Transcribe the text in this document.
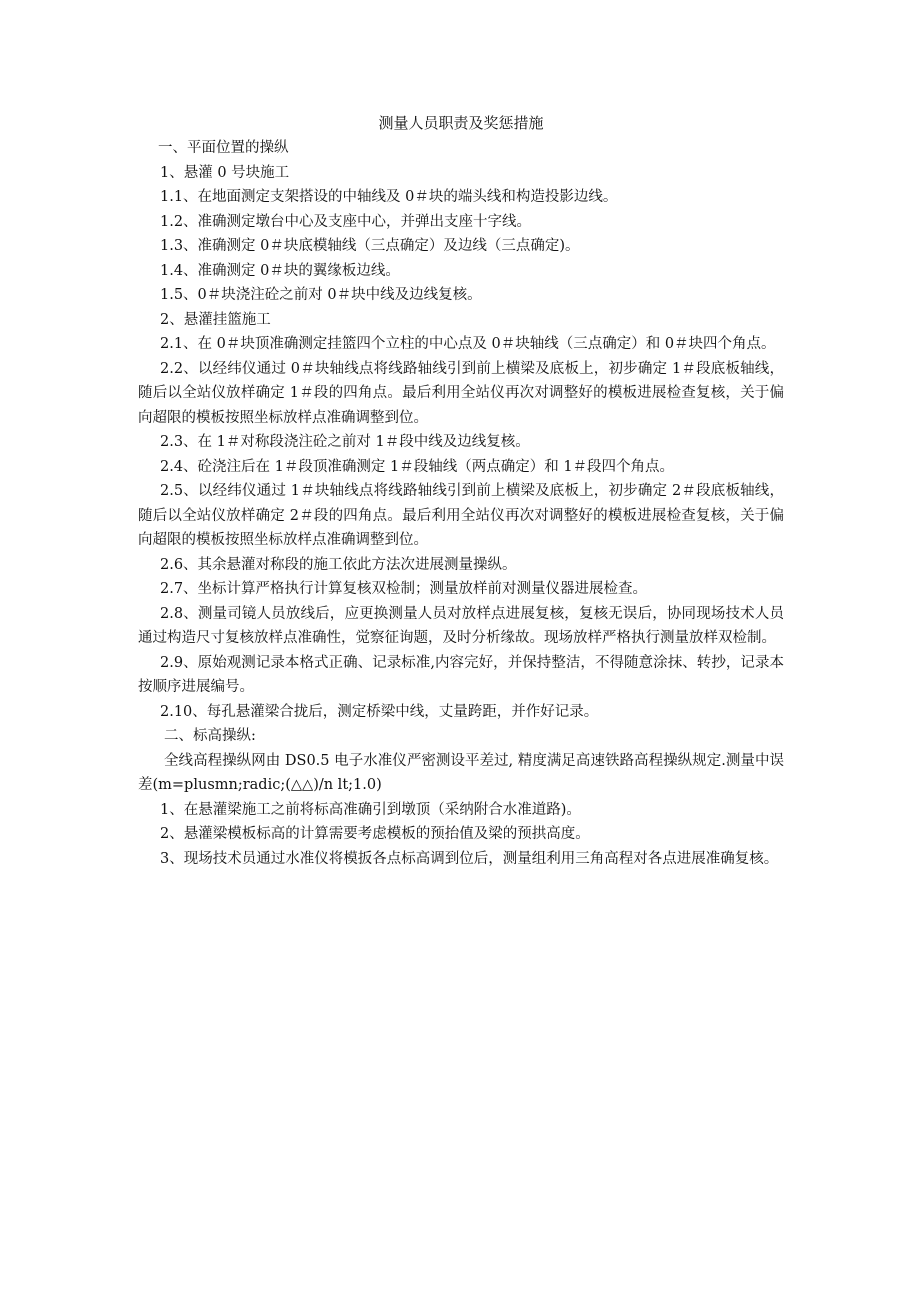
测量人员职责及奖惩措施

一、平面位置的操纵

1、悬灌 0 号块施工

1.1、在地面测定支架搭设的中轴线及 0＃块的端头线和构造投影边线。

1.2、准确测定墩台中心及支座中心，并弹出支座十字线。

1.3、准确测定 0＃块底模轴线（三点确定）及边线（三点确定)。

1.4、准确测定 0＃块的翼缘板边线。

1.5、0＃块浇注砼之前对 0＃块中线及边线复核。

2、悬灌挂篮施工

2.1、在 0＃块顶准确测定挂篮四个立柱的中心点及 0＃块轴线（三点确定）和 0＃块四个角点。

2.2、以经纬仪通过 0＃块轴线点将线路轴线引到前上横梁及底板上，初步确定 1＃段底板轴线，随后以全站仪放样确定 1＃段的四角点。最后利用全站仪再次对调整好的模板进展检查复核，关于偏向超限的模板按照坐标放样点准确调整到位。

2.3、在 1＃对称段浇注砼之前对 1＃段中线及边线复核。

2.4、砼浇注后在 1＃段顶准确测定 1＃段轴线（两点确定）和 1＃段四个角点。

2.5、以经纬仪通过 1＃块轴线点将线路轴线引到前上横梁及底板上，初步确定 2＃段底板轴线，随后以全站仪放样确定 2＃段的四角点。最后利用全站仪再次对调整好的模板进展检查复核，关于偏向超限的模板按照坐标放样点准确调整到位。

2.6、其余悬灌对称段的施工依此方法次进展测量操纵。

2.7、坐标计算严格执行计算复核双检制；测量放样前对测量仪器进展检查。

2.8、测量司镜人员放线后，应更换测量人员对放样点进展复核，复核无误后，协同现场技术人员通过构造尺寸复核放样点准确性，觉察征询题，及时分析缘故。现场放样严格执行测量放样双检制。

2.9、原始观测记录本格式正确、记录标准,内容完好，并保持整洁，不得随意涂抹、转抄，记录本按顺序进展编号。

2.10、每孔悬灌梁合拢后，测定桥梁中线，丈量跨距，并作好记录。

二、标高操纵:

全线高程操纵网由 DS0.5 电子水准仪严密测设平差过, 精度满足高速铁路高程操纵规定.测量中误差(m=plusmn;radic;(△△)/n lt;1.0)

1、在悬灌梁施工之前将标高准确引到墩顶（采纳附合水准道路)。

2、悬灌梁模板标高的计算需要考虑模板的预抬值及梁的预拱高度。

3、现场技术员通过水准仪将模扳各点标高调到位后，测量组利用三角高程对各点进展准确复核。
